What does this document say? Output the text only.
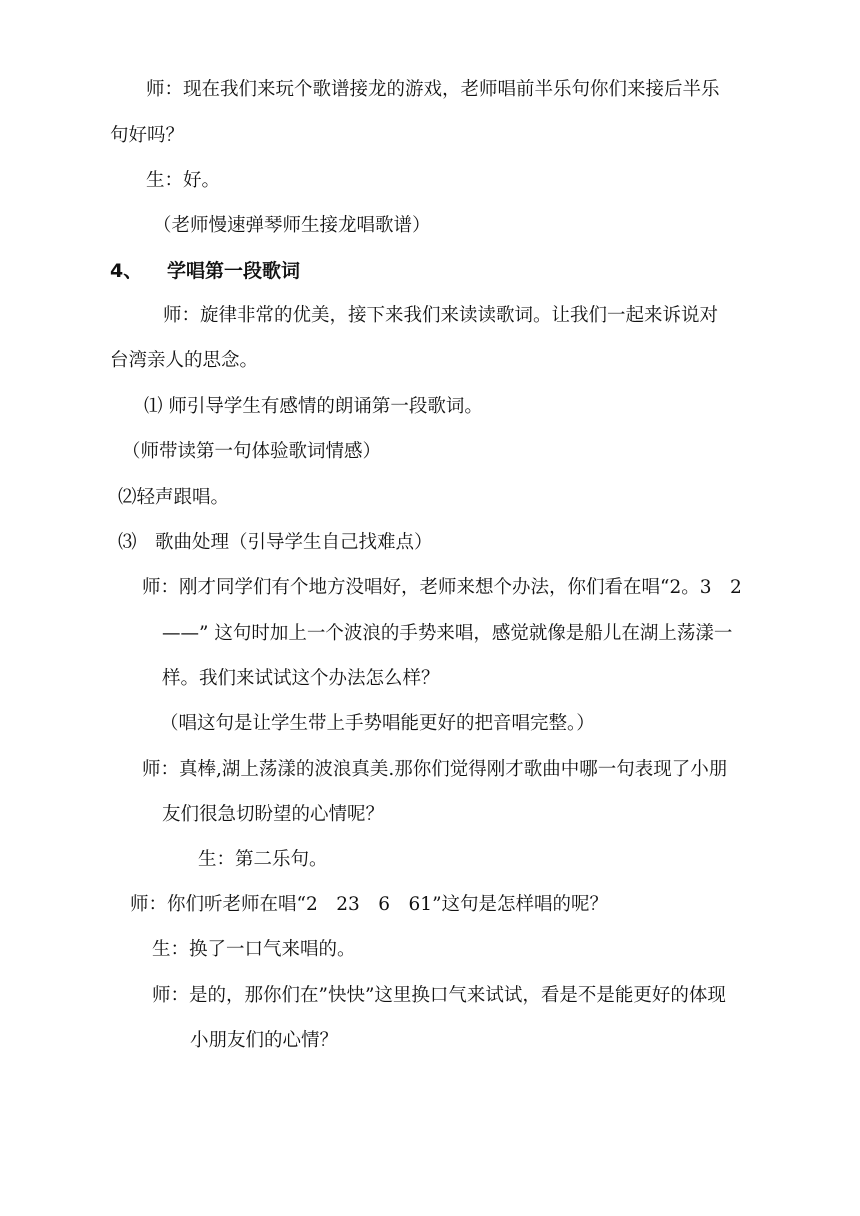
师：现在我们来玩个歌谱接龙的游戏，老师唱前半乐句你们来接后半乐
句好吗？
生：好。
（老师慢速弹琴师生接龙唱歌谱）
4、 学唱第一段歌词
师：旋律非常的优美，接下来我们来读读歌词。让我们一起来诉说对
台湾亲人的思念。
⑴ 师引导学生有感情的朗诵第一段歌词。
（师带读第一句体验歌词情感）
⑵轻声跟唱。
⑶　歌曲处理（引导学生自己找难点）
师：刚才同学们有个地方没唱好，老师来想个办法，你们看在唱“2。3　2
——” 这句时加上一个波浪的手势来唱，感觉就像是船儿在湖上荡漾一
样。我们来试试这个办法怎么样？
（唱这句是让学生带上手势唱能更好的把音唱完整。）
师：真棒,湖上荡漾的波浪真美.那你们觉得刚才歌曲中哪一句表现了小朋
友们很急切盼望的心情呢？
生：第二乐句。
师：你们听老师在唱“2　23　6　61”这句是怎样唱的呢？
生：换了一口气来唱的。
师：是的，那你们在”快快”这里换口气来试试，看是不是能更好的体现
小朋友们的心情？
